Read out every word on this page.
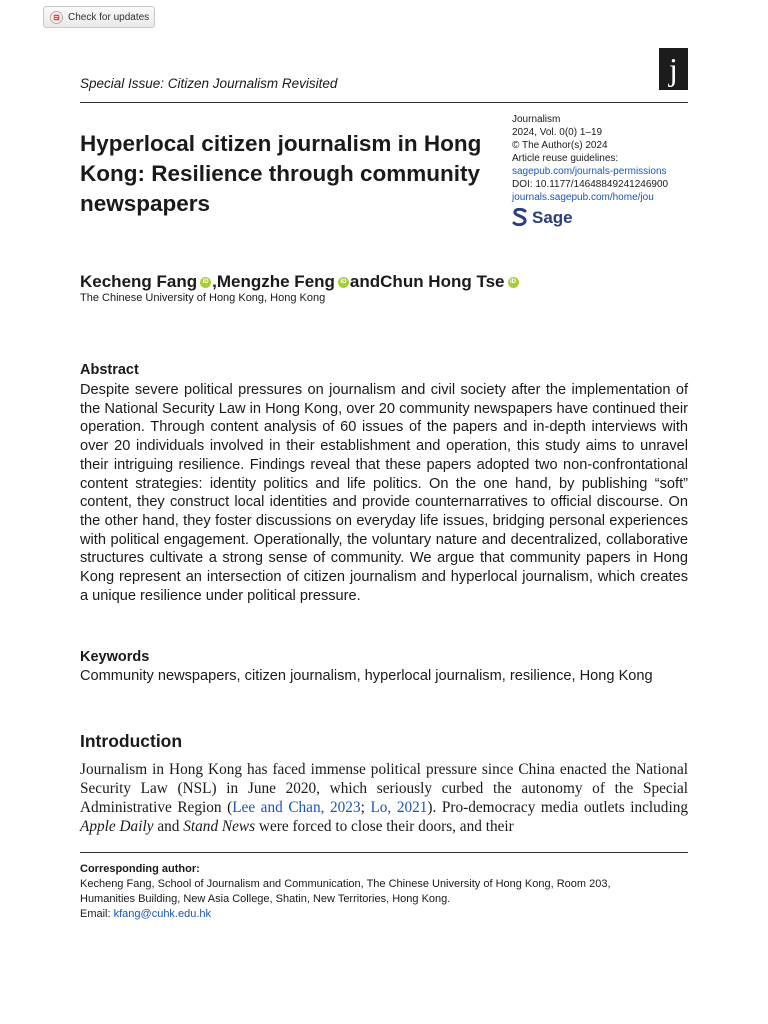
Check for updates
j
Special Issue: Citizen Journalism Revisited
Hyperlocal citizen journalism in Hong Kong: Resilience through community newspapers
Journalism
2024, Vol. 0(0) 1–19
© The Author(s) 2024
Article reuse guidelines:
sagepub.com/journals-permissions
DOI: 10.1177/14648849241246900
journals.sagepub.com/home/jou
Sage
Kecheng Fang iD , Mengzhe Feng iD and Chun Hong Tse iD
The Chinese University of Hong Kong, Hong Kong
Abstract

Despite severe political pressures on journalism and civil society after the implementation of the National Security Law in Hong Kong, over 20 community newspapers have continued their operation. Through content analysis of 60 issues of the papers and in-depth interviews with over 20 individuals involved in their establishment and operation, this study aims to unravel their intriguing resilience. Findings reveal that these papers adopted two non-confrontational content strategies: identity politics and life politics. On the one hand, by publishing “soft” content, they construct local identities and provide counternarratives to official discourse. On the other hand, they foster discussions on everyday life issues, bridging personal experiences with political engagement. Operationally, the voluntary nature and decentralized, collaborative structures cultivate a strong sense of community. We argue that community papers in Hong Kong represent an intersection of citizen journalism and hyperlocal journalism, which creates a unique resilience under political pressure.

Keywords
Community newspapers, citizen journalism, hyperlocal journalism, resilience, Hong Kong
Introduction

Journalism in Hong Kong has faced immense political pressure since China enacted the National Security Law (NSL) in June 2020, which seriously curbed the autonomy of the Special Administrative Region (Lee and Chan, 2023; Lo, 2021). Pro-democracy media outlets including Apple Daily and Stand News were forced to close their doors, and their

Corresponding author:
Kecheng Fang, School of Journalism and Communication, The Chinese University of Hong Kong, Room 203,
Humanities Building, New Asia College, Shatin, New Territories, Hong Kong.
Email: kfang@cuhk.edu.hk
